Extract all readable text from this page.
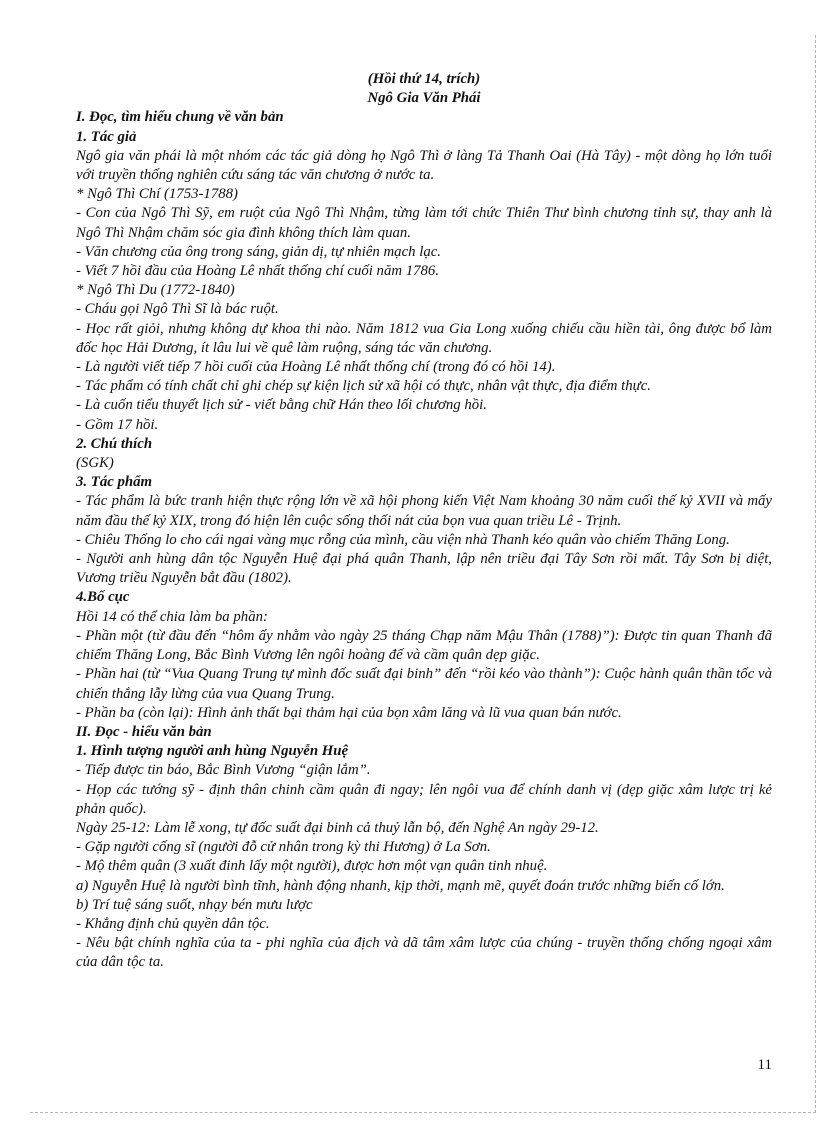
(Hồi thứ 14, trích)
Ngô Gia Văn Phái
I. Đọc, tìm hiểu chung về văn bản
1. Tác giả
Ngô gia văn phái là một nhóm các tác giả dòng họ Ngô Thì ở làng Tả Thanh Oai (Hà Tây) - một dòng họ lớn tuổi với truyền thống nghiên cứu sáng tác văn chương ở nước ta.
* Ngô Thì Chí (1753-1788)
- Con của Ngô Thì Sỹ, em ruột của Ngô Thì Nhậm, từng làm tới chức Thiên Thư bình chương tỉnh sự, thay anh là Ngô Thì Nhậm chăm sóc gia đình không thích làm quan.
- Văn chương của ông trong sáng, giản dị, tự nhiên mạch lạc.
- Viết 7 hồi đầu của Hoàng Lê nhất thống chí cuối năm 1786.
* Ngô Thì Du (1772-1840)
- Cháu gọi Ngô Thì Sĩ là bác ruột.
- Học rất giỏi, nhưng không dự khoa thi nào. Năm 1812 vua Gia Long xuống chiếu cầu hiền tài, ông được bổ làm đốc học Hải Dương, ít lâu lui về quê làm ruộng, sáng tác văn chương.
- Là người viết tiếp 7 hồi cuối của Hoàng Lê nhất thống chí (trong đó có hồi 14).
- Tác phẩm có tính chất chỉ ghi chép sự kiện lịch sử xã hội có thực, nhân vật thực, địa điểm thực.
- Là cuốn tiểu thuyết lịch sử - viết bằng chữ Hán theo lối chương hồi.
- Gồm 17 hồi.
2. Chú thích
(SGK)
3. Tác phẩm
- Tác phẩm là bức tranh hiện thực rộng lớn về xã hội phong kiến Việt Nam khoảng 30 năm cuối thế kỷ XVII và mấy năm đầu thế kỷ XIX, trong đó hiện lên cuộc sống thối nát của bọn vua quan triều Lê - Trịnh.
- Chiêu Thống lo cho cái ngai vàng mục rỗng của mình, cầu viện nhà Thanh kéo quân vào chiếm Thăng Long.
- Người anh hùng dân tộc Nguyễn Huệ đại phá quân Thanh, lập nên triều đại Tây Sơn rồi mất. Tây Sơn bị diệt, Vương triều Nguyễn bắt đầu (1802).
4.Bố cục
Hồi 14 có thể chia làm ba phần:
- Phần một (từ đầu đến “hôm ấy nhằm vào ngày 25 tháng Chạp năm Mậu Thân (1788)”): Được tin quan Thanh đã chiếm Thăng Long, Bắc Bình Vương lên ngôi hoàng đế và cầm quân dẹp giặc.
- Phần hai (từ “Vua Quang Trung tự mình đốc suất đại binh” đến “rồi kéo vào thành”): Cuộc hành quân thần tốc và chiến thắng lẫy lừng của vua Quang Trung.
- Phần ba (còn lại): Hình ảnh thất bại thảm hại của bọn xâm lăng và lũ vua quan bán nước.
II. Đọc - hiểu văn bản
1. Hình tượng người anh hùng Nguyễn Huệ
- Tiếp được tin báo, Bắc Bình Vương “giận lắm”.
- Họp các tướng sỹ - định thân chinh cầm quân đi ngay; lên ngôi vua để chính danh vị (dẹp giặc xâm lược trị kẻ phản quốc).
Ngày 25-12: Làm lễ xong, tự đốc suất đại binh cả thuỷ lẫn bộ, đến Nghệ An ngày 29-12.
- Gặp người cống sĩ (người đỗ cử nhân trong kỳ thi Hương) ở La Sơn.
- Mộ thêm quân (3 xuất đinh lấy một người), được hơn một vạn quân tinh nhuệ.
a) Nguyễn Huệ là người bình tĩnh, hành động nhanh, kịp thời, mạnh mẽ, quyết đoán trước những biến cố lớn.
b) Trí tuệ sáng suốt, nhạy bén mưu lược
- Khẳng định chủ quyền dân tộc.
- Nêu bật chính nghĩa của ta - phi nghĩa của địch và dã tâm xâm lược của chúng - truyền thống chống ngoại xâm của dân tộc ta.
11
